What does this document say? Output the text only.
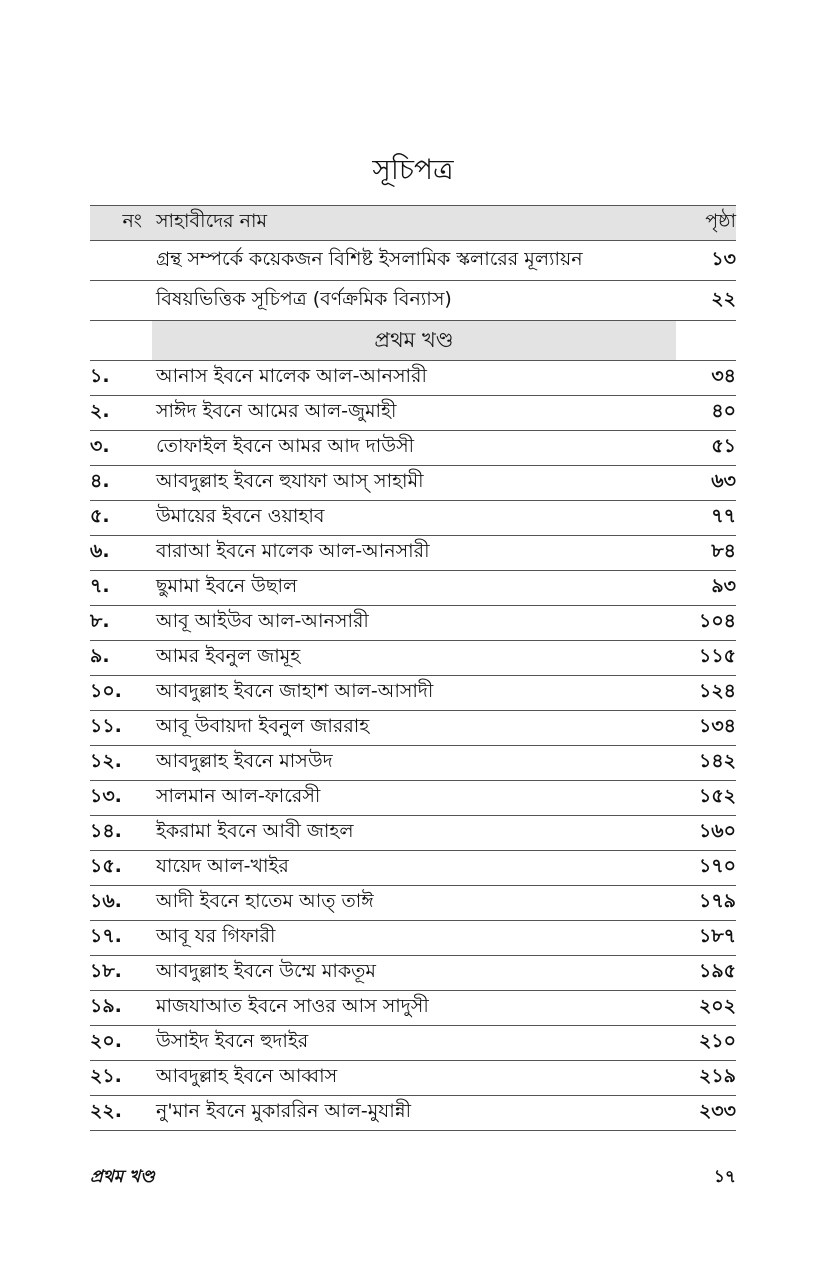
সূচিপত্র
নং সাহাবীদের নাম	পৃষ্ঠা
গ্রন্থ সম্পর্কে কয়েকজন বিশিষ্ট ইসলামিক স্কলারের মূল্যায়ন	১৩
বিষয়ভিত্তিক সূচিপত্র (বর্ণক্রমিক বিন্যাস)	২২
প্রথম খণ্ড
১.	আনাস ইবনে মালেক আল-আনসারী	৩৪
২.	সাঈদ ইবনে আমের আল-জুমাহী	৪০
৩.	তোফাইল ইবনে আমর আদ দাউসী	৫১
৪.	আবদুল্লাহ ইবনে হুযাফা আস্ সাহামী	৬৩
৫.	উমায়ের ইবনে ওয়াহাব	৭৭
৬.	বারাআ ইবনে মালেক আল-আনসারী	৮৪
৭.	ছুমামা ইবনে উছাল	৯৩
৮.	আবূ আইউব আল-আনসারী	১০৪
৯.	আমর ইবনুল জামূহ	১১৫
১০.	আবদুল্লাহ ইবনে জাহাশ আল-আসাদী	১২৪
১১.	আবূ উবায়দা ইবনুল জাররাহ	১৩৪
১২.	আবদুল্লাহ ইবনে মাসউদ	১৪২
১৩.	সালমান আল-ফারেসী	১৫২
১৪.	ইকরামা ইবনে আবী জাহল	১৬০
১৫.	যায়েদ আল-খাইর	১৭০
১৬.	আদী ইবনে হাতেম আত্ তাঈ	১৭৯
১৭.	আবূ যর গিফারী	১৮৭
১৮.	আবদুল্লাহ ইবনে উম্মে মাকতূম	১৯৫
১৯.	মাজযাআত ইবনে সাওর আস সাদুসী	২০২
২০.	উসাইদ ইবনে হুদাইর	২১০
২১.	আবদুল্লাহ ইবনে আব্বাস	২১৯
২২.	নু'মান ইবনে মুকাররিন আল-মুযান্নী	২৩৩
প্রথম খণ্ড	১৭
